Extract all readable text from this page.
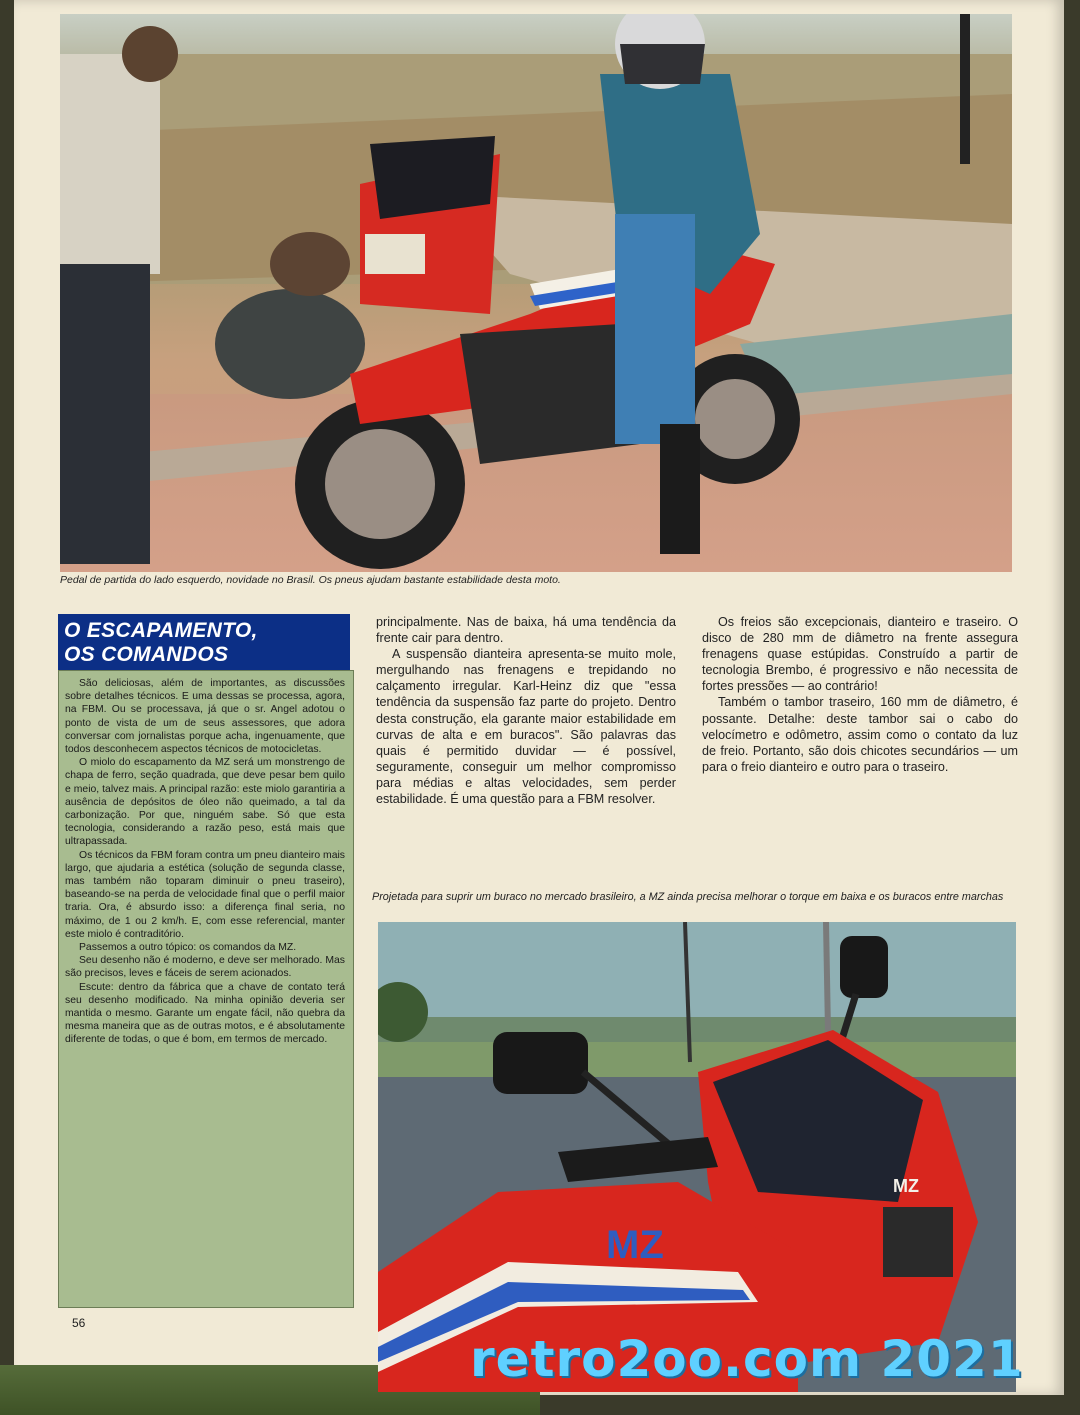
Pedal de partida do lado esquerdo, novidade no Brasil. Os pneus ajudam bastante estabilidade desta moto.
O ESCAPAMENTO,
OS COMANDOS

São deliciosas, além de importantes, as discussões sobre detalhes técnicos. E uma dessas se processa, agora, na FBM. Ou se processava, já que o sr. Angel adotou o ponto de vista de um de seus assessores, que adora conversar com jornalistas porque acha, ingenuamente, que todos desconhecem aspectos técnicos de motocicletas.

O miolo do escapamento da MZ será um monstrengo de chapa de ferro, seção quadrada, que deve pesar bem quilo e meio, talvez mais. A principal razão: este miolo garantiria a ausência de depósitos de óleo não queimado, a tal da carbonização. Por que, ninguém sabe. Só que esta tecnologia, considerando a razão peso, está mais que ultrapassada.

Os técnicos da FBM foram contra um pneu dianteiro mais largo, que ajudaria a estética (solução de segunda classe, mas também não toparam diminuir o pneu traseiro), baseando-se na perda de velocidade final que o perfil maior traria. Ora, é absurdo isso: a diferença final seria, no máximo, de 1 ou 2 km/h. E, com esse referencial, manter este miolo é contraditório.

Passemos a outro tópico: os comandos da MZ.

Seu desenho não é moderno, e deve ser melhorado. Mas são precisos, leves e fáceis de serem acionados.

Escute: dentro da fábrica que a chave de contato terá seu desenho modificado. Na minha opinião deveria ser mantida o mesmo. Garante um engate fácil, não quebra da mesma maneira que as de outras motos, e é absolutamente diferente de todas, o que é bom, em termos de mercado.

principalmente. Nas de baixa, há uma tendência da frente cair para dentro.

A suspensão dianteira apresenta-se muito mole, mergulhando nas frenagens e trepidando no calçamento irregular. Karl-Heinz diz que "essa tendência da suspensão faz parte do projeto. Dentro desta construção, ela garante maior estabilidade em curvas de alta e em buracos". São palavras das quais é permitido duvidar — é possível, seguramente, conseguir um melhor compromisso para médias e altas velocidades, sem perder estabilidade. É uma questão para a FBM resolver.

Os freios são excepcionais, dianteiro e traseiro. O disco de 280 mm de diâmetro na frente assegura frenagens quase estúpidas. Construído a partir de tecnologia Brembo, é progressivo e não necessita de fortes pressões — ao contrário!

Também o tambor traseiro, 160 mm de diâmetro, é possante. Detalhe: deste tambor sai o cabo do velocímetro e odômetro, assim como o contato da luz de freio. Portanto, são dois chicotes secundários — um para o freio dianteiro e outro para o traseiro.

Projetada para suprir um buraco no mercado brasileiro, a MZ ainda precisa melhorar o torque em baixa e os buracos entre marchas
MZ
MZ
56
retro2oo.com 2021
